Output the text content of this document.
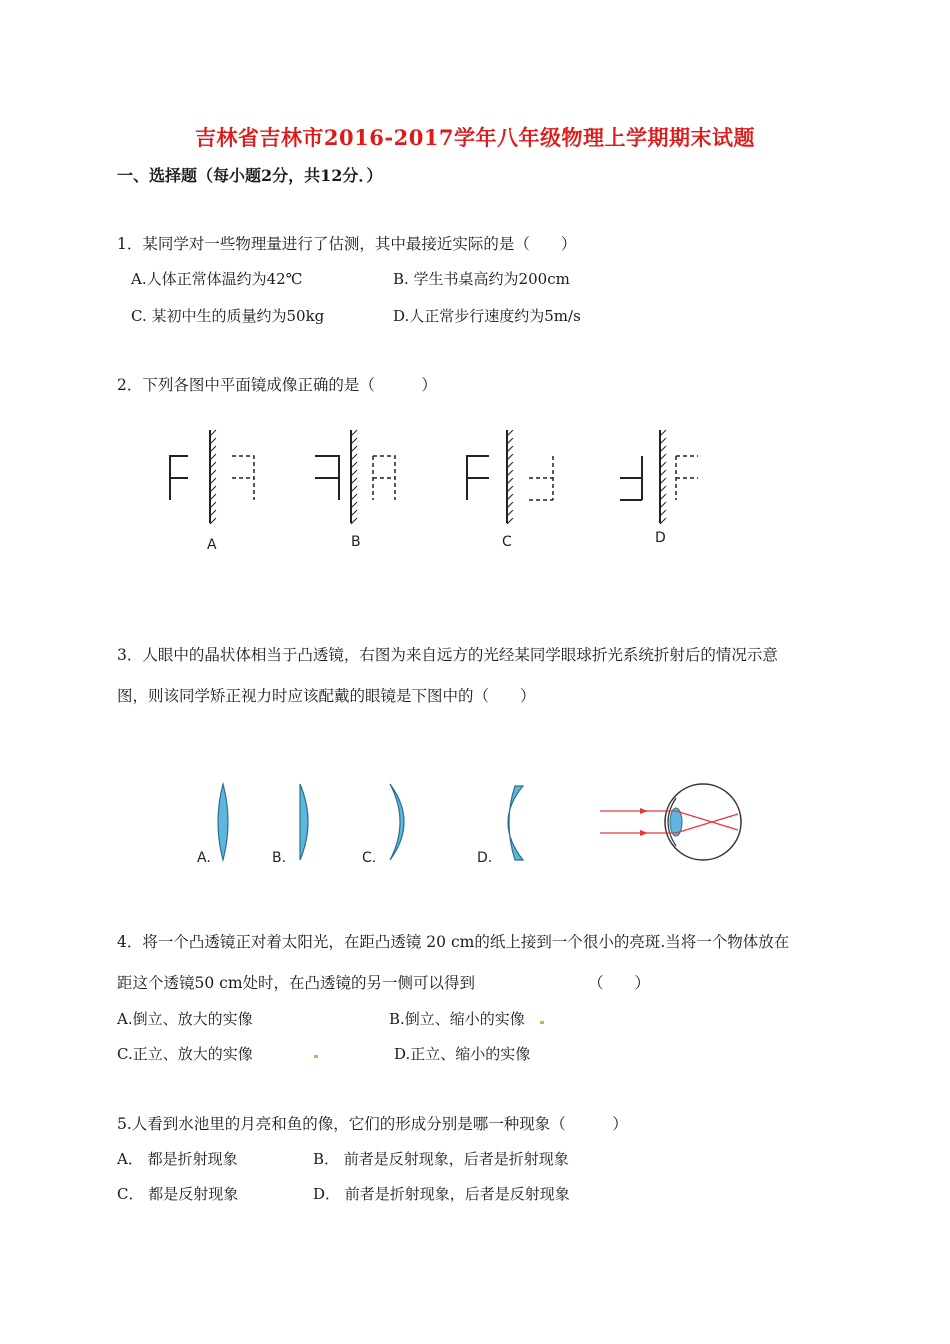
吉林省吉林市2016-2017学年八年级物理上学期期末试题
一、选择题（每小题2分，共12分．）
1．某同学对一些物理量进行了估测，其中最接近实际的是（　　）
A.人体正常体温约为42℃	B. 学生书桌高约为200cm
C. 某初中生的质量约为50kg	D.人正常步行速度约为5m/s
2．下列各图中平面镜成像正确的是（　　　）
A	B	C	D
3．人眼中的晶状体相当于凸透镜，右图为来自远方的光经某同学眼球折光系统折射后的情况示意
图，则该同学矫正视力时应该配戴的眼镜是下图中的（　　）
A.	B.	C.	D.
4．将一个凸透镜正对着太阳光，在距凸透镜 20 cm的纸上接到一个很小的亮斑.当将一个物体放在
距这个透镜50 cm处时，在凸透镜的另一侧可以得到	（　　）
A.倒立、放大的实像	B.倒立、缩小的实像
C.正立、放大的实像	D.正立、缩小的实像
5.人看到水池里的月亮和鱼的像，它们的形成分别是哪一种现象（　　　）
A． 都是折射现象	B． 前者是反射现象，后者是折射现象
C． 都是反射现象	D． 前者是折射现象，后者是反射现象
